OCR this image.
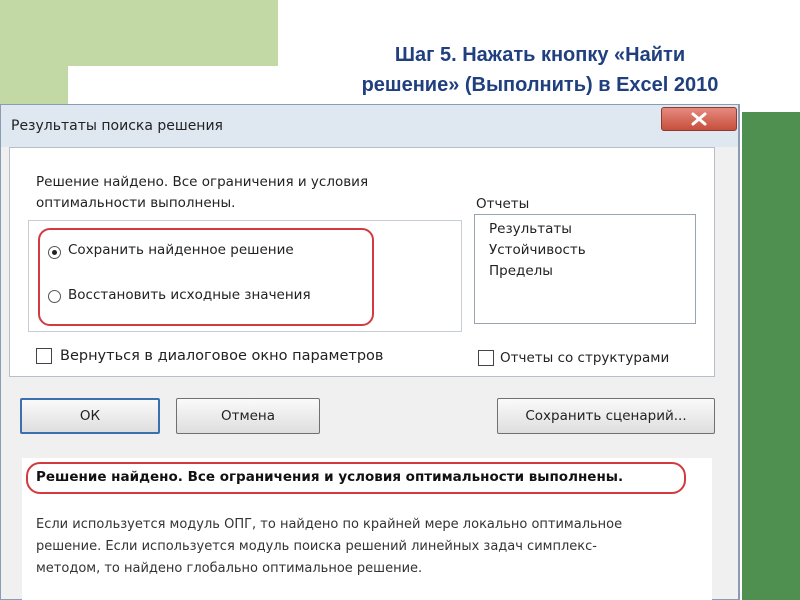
Шаг 5. Нажать кнопку «Найти
решение» (Выполнить) в Excel 2010
Результаты поиска решения
Решение найдено. Все ограничения и условия
оптимальности выполнены.
Сохранить найденное решение
Восстановить исходные значения
Отчеты
Результаты
Устойчивость
Пределы
Вернуться в диалоговое окно параметров	Отчеты со структурами
ОК	Отмена	Сохранить сценарий...
Решение найдено. Все ограничения и условия оптимальности выполнены.
Если используется модуль ОПГ, то найдено по крайней мере локально оптимальное
решение. Если используется модуль поиска решений линейных задач симплекс-
методом, то найдено глобально оптимальное решение.
